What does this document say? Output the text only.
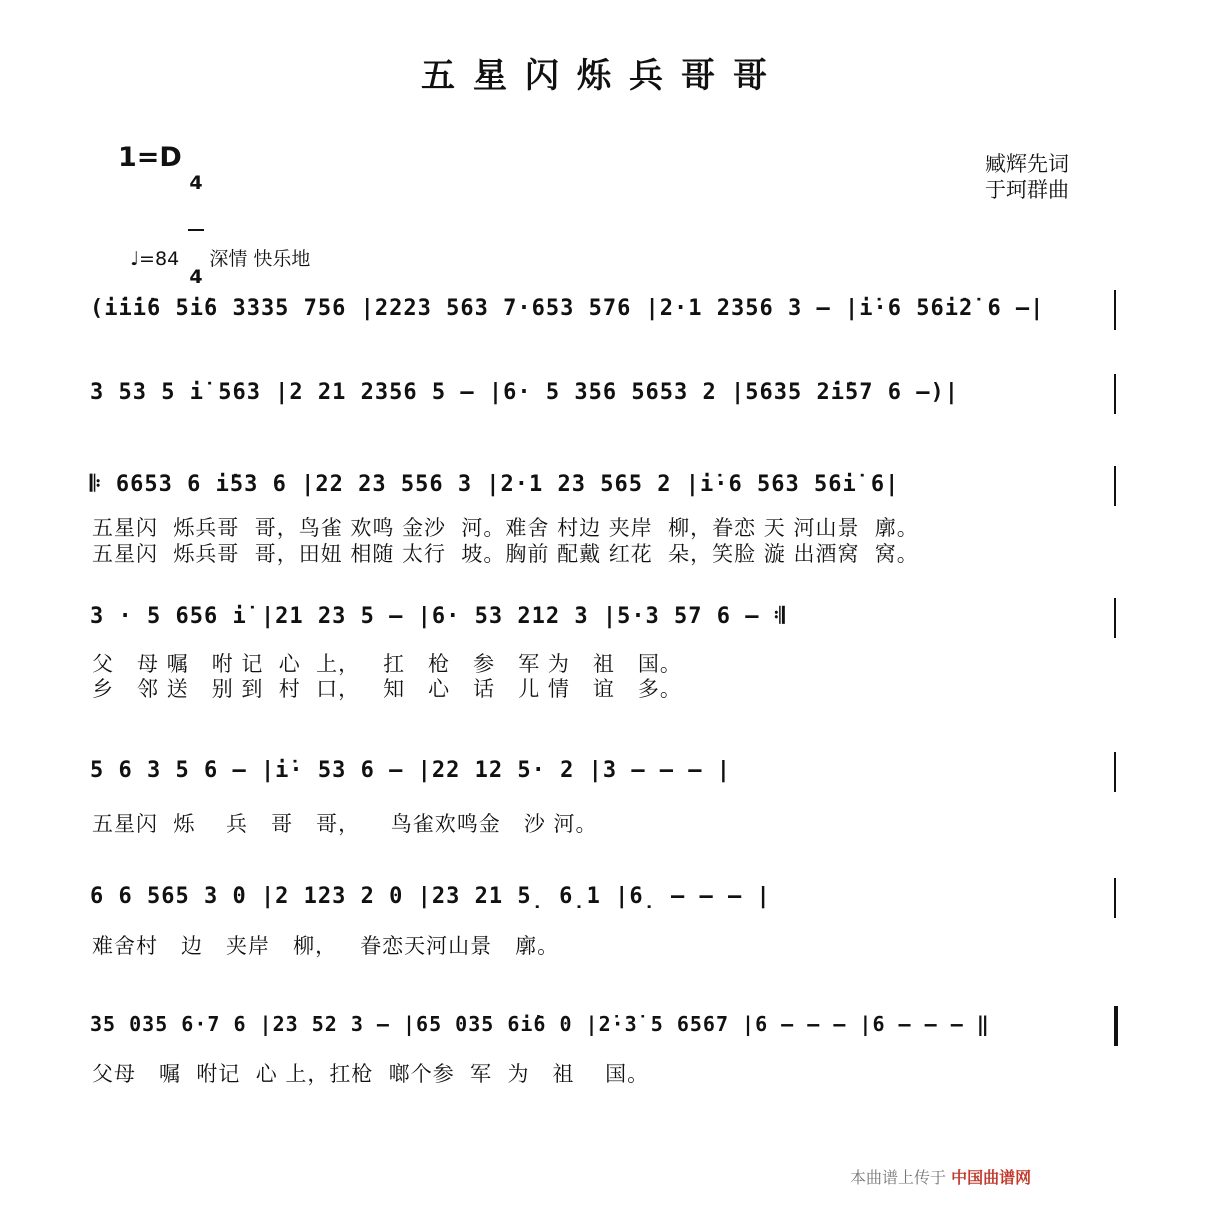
五星闪烁兵哥哥
1=D

4

4

臧辉先词
于珂群曲

♩=84 深情 快乐地

(i̇i̇i̇6 5i̇6 3335 756 |2223 563 7·653 576 |2·1 2356 3 – |i̇·6 56i̇2̇ 6 –|
3 53 5 i̇ 563 |2 21 2356 5 – |6· 5 356 5653 2 |5635 2̇i̇57 6 –)|
𝄆 6653 6 i̇53 6 |22 23 556 3 |2·1 23 565 2 |i̇·6 563 56i̇ 6|
五星闪  烁兵哥  哥，鸟雀 欢鸣 金沙  河。难舍 村边 夹岸  柳，眷恋 天 河山景  廓。
五星闪  烁兵哥  哥，田妞 相随 太行  坡。胸前 配戴 红花  朵，笑脸 漩 出酒窝  窝。
3 · 5 656 i̇ |21 23 5 – |6· 53 212 3 |5·3 57 6 – 𝄇
父   母 嘱   咐 记  心  上，   扛   枪   参   军 为   祖   国。
乡   邻 送   别 到  村  口，   知   心   话   儿 情   谊   多。
5 6 3 5 6 – |i̇· 53 6 – |22 12 5· 2 |3 – – – |
五星闪  烁    兵   哥   哥，    鸟雀欢鸣金   沙 河。
6 6 565 3 0 |2 123 2 0 |23 21 5̣ 6̣1 |6̣ – – – |
难舍村   边   夹岸   柳，   眷恋天河山景   廓。
35 035 6·7 6 |23 52 3 – |65 035 6i̇6 0 |2̇·3̇ 5 6567 |6 – – – |6 – – – ‖
父母   嘱  咐记  心 上，扛枪  啷个参  军  为   祖    国。
本曲谱上传于 中国曲谱网
